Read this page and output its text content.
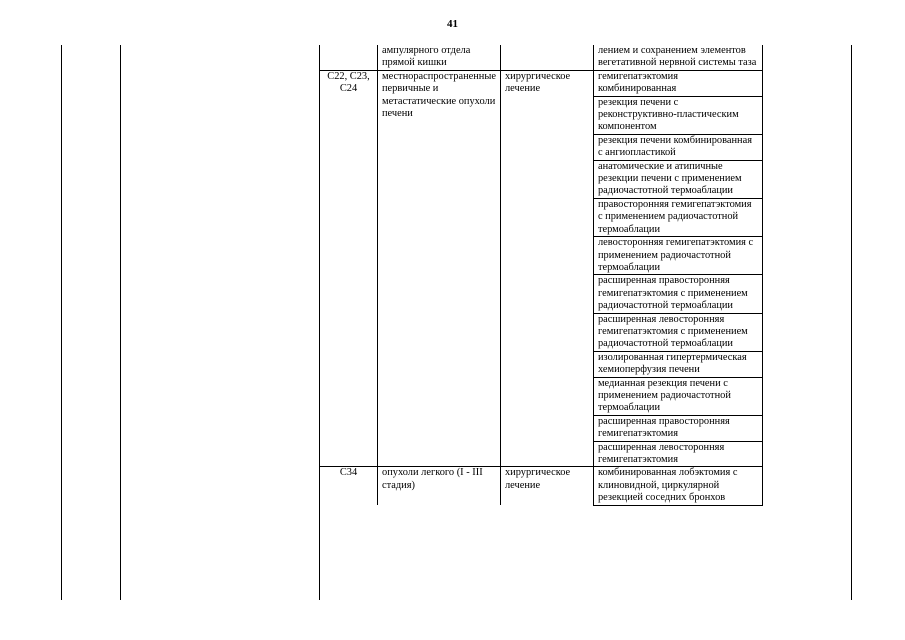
41
	ампулярного отдела прямой кишки		лением и сохранением элементов вегетативной нервной системы таза
C22, C23, C24	местнораспространенные первичные и метастатические опухоли печени	хирургическое лечение	гемигепатэктомия комбинированная
			резекция печени с реконструктивно-пластическим компонентом
			резекция печени комбинированная с ангиопластикой
			анатомические и атипичные резекции печени с применением радиочастотной термоаблации
			правосторонняя гемигепатэктомия с применением радиочастотной термоаблации
			левосторонняя гемигепатэктомия с применением радиочастотной термоаблации
			расширенная правосторонняя гемигепатэктомия с применением радиочастотной термоаблации
			расширенная левосторонняя гемигепатэктомия с применением радиочастотной термоаблации
			изолированная гипертермическая хемиоперфузия печени
			медианная резекция печени с применением радиочастотной термоаблации
			расширенная правосторонняя гемигепатэктомия
			расширенная левосторонняя гемигепатэктомия
C34	опухоли легкого (I - III стадия)	хирургическое лечение	комбинированная лобэктомия с клиновидной, циркулярной резекцией соседних бронхов
